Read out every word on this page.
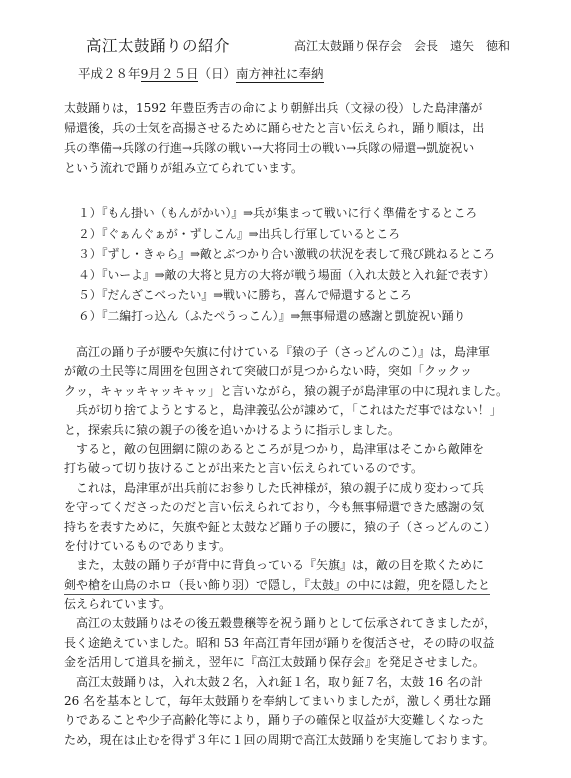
高江太鼓踊りの紹介	高江太鼓踊り保存会　会長　遠矢　徳和
平成２８年9月２５日（日）南方神社に奉納
太鼓踊りは，1592 年豊臣秀吉の命により朝鮮出兵（文禄の役）した島津藩が
帰還後，兵の士気を高揚させるために踊らせたと言い伝えられ，踊り順は，出
兵の準備→兵隊の行進→兵隊の戦い→大将同士の戦い→兵隊の帰還→凱旋祝い
という流れで踊りが組み立てられています。
１）『もん掛い（もんがかい）』⇒兵が集まって戦いに行く準備をするところ
２）『ぐぁんぐぁが・ずしこん』⇒出兵し行軍しているところ
３）『ずし・きゃら』⇒敵とぶつかり合い激戦の状況を表して飛び跳ねるところ
４）『いーよ』⇒敵の大将と見方の大将が戦う場面（入れ太鼓と入れ鉦で表す）
５）『だんざこべったい』⇒戦いに勝ち，喜んで帰還するところ
６）『二編打っ込ん（ふたぺうっこん）』⇒無事帰還の感謝と凱旋祝い踊り
　高江の踊り子が腰や矢旗に付けている『猿の子（さっどんのこ）』は，島津軍
が敵の土民等に周囲を包囲されて突破口が見つからない時，突如「クックッ
クッ，キャッキャッキャッ」と言いながら，猿の親子が島津軍の中に現れました。
　兵が切り捨てようとすると，島津義弘公が諌めて，「これはただ事ではない！」
と，探索兵に猿の親子の後を追いかけるように指示しました。
　すると，敵の包囲網に隙のあるところが見つかり，島津軍はそこから敵陣を
打ち破って切り抜けることが出来たと言い伝えられているのです。
　これは，島津軍が出兵前にお参りした氏神様が，猿の親子に成り変わって兵
を守ってくださったのだと言い伝えられており，今も無事帰還できた感謝の気
持ちを表すために，矢旗や鉦と太鼓など踊り子の腰に，猿の子（さっどんのこ）
を付けているものであります。
　また，太鼓の踊り子が背中に背負っている『矢旗』は，敵の目を欺くために
剣や槍を山鳥のホロ（長い飾り羽）で隠し，『太鼓』の中には鎧，兜を隠したと
伝えられています。
　高江の太鼓踊りはその後五穀豊穣等を祝う踊りとして伝承されてきましたが，
長く途絶えていました。昭和 53 年高江青年団が踊りを復活させ，その時の収益
金を活用して道具を揃え，翌年に『高江太鼓踊り保存会』を発足させました。
　高江太鼓踊りは，入れ太鼓２名，入れ鉦１名，取り鉦７名，太鼓 16 名の計
26 名を基本として，毎年太鼓踊りを奉納してまいりましたが，激しく勇壮な踊
りであることや少子高齢化等により，踊り子の確保と収益が大変難しくなった
ため，現在は止むを得ず３年に１回の周期で高江太鼓踊りを実施しております。
